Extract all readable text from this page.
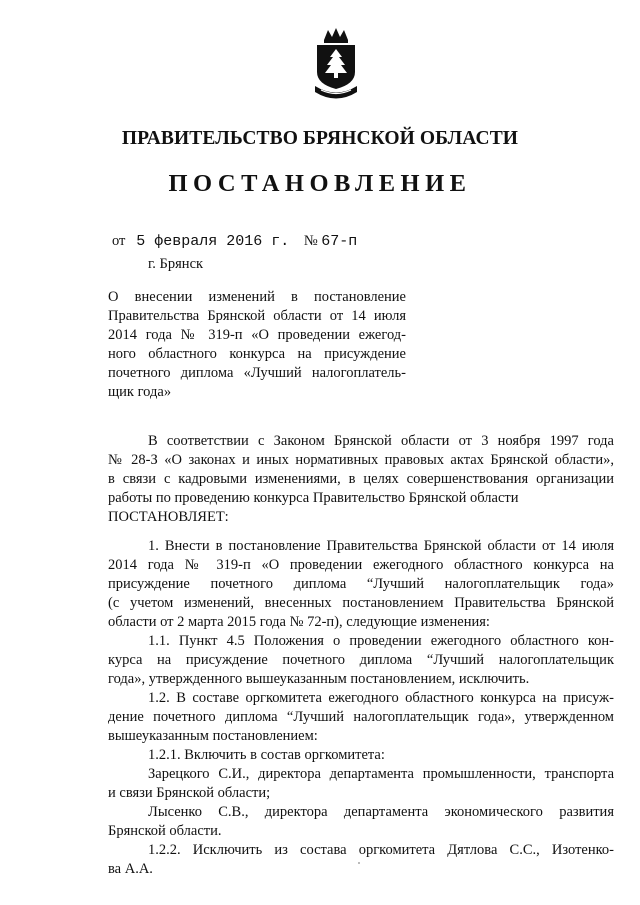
ПРАВИТЕЛЬСТВО БРЯНСКОЙ ОБЛАСТИ
ПОСТАНОВЛЕНИЕ
от 5 февраля 2016 г. № 67-п
г. Брянск
О внесении изменений в постановление
Правительства Брянской области от 14 июля
2014 года № 319-п «О проведении ежегод-
ного областного конкурса на присуждение
почетного диплома «Лучший налогоплатель-
щик года»
В соответствии с Законом Брянской области от 3 ноября 1997 года
№ 28-З «О законах и иных нормативных правовых актах Брянской области»,
в связи с кадровыми изменениями, в целях совершенствования организации
работы по проведению конкурса Правительство Брянской области
ПОСТАНОВЛЯЕТ:
1. Внести в постановление Правительства Брянской области от 14 июля
2014 года № 319-п «О проведении ежегодного областного конкурса на
присуждение почетного диплома “Лучший налогоплательщик года»
(с учетом изменений, внесенных постановлением Правительства Брянской
области от 2 марта 2015 года № 72-п), следующие изменения:
1.1. Пункт 4.5 Положения о проведении ежегодного областного кон-
курса на присуждение почетного диплома “Лучший налогоплательщик
года», утвержденного вышеуказанным постановлением, исключить.
1.2. В составе оргкомитета ежегодного областного конкурса на присуж-
дение почетного диплома “Лучший налогоплательщик года», утвержденном
вышеуказанным постановлением:
1.2.1. Включить в состав оргкомитета:
Зарецкого С.И., директора департамента промышленности, транспорта
и связи Брянской области;
Лысенко С.В., директора департамента экономического развития
Брянской области.
1.2.2. Исключить из состава оргкомитета Дятлова С.С., Изотенко-
ва А.А.
